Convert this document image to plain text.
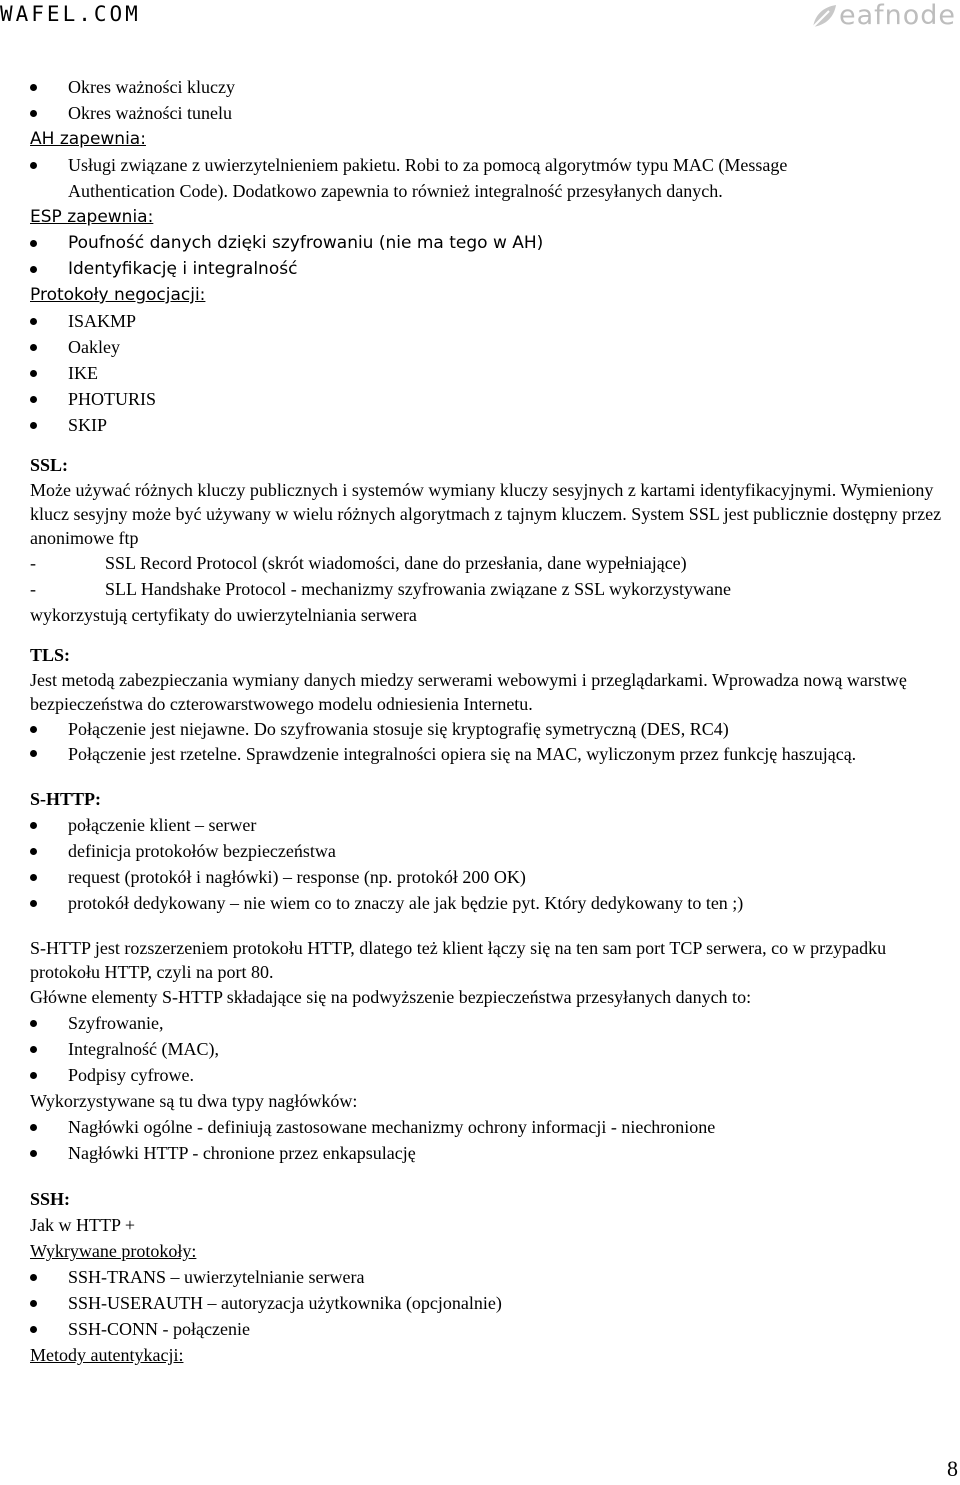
WAFEL.COM	eafnode
Okres ważności kluczy
Okres ważności tunelu
AH zapewnia:
Usługi związane z uwierzytelnieniem pakietu. Robi to za pomocą algorytmów typu MAC (Message
Authentication Code). Dodatkowo zapewnia to również integralność przesyłanych danych.
ESP zapewnia:
Poufność danych dzięki szyfrowaniu (nie ma tego w AH)
Identyfikację i integralność
Protokoły negocjacji:
ISAKMP
Oakley
IKE
PHOTURIS
SKIP
SSL:
Może używać różnych kluczy publicznych i systemów wymiany kluczy sesyjnych z kartami identyfikacyjnymi. Wymieniony klucz sesyjny może być używany w wielu różnych algorytmach z tajnym kluczem. System SSL jest publicznie dostępny przez anonimowe ftp
-	SSL Record Protocol (skrót wiadomości, dane do przesłania, dane wypełniające)
-	SLL Handshake Protocol - mechanizmy szyfrowania związane z SSL wykorzystywane
wykorzystują certyfikaty do uwierzytelniania serwera
TLS:
Jest metodą zabezpieczania wymiany danych miedzy serwerami webowymi i przeglądarkami. Wprowadza nową warstwę bezpieczeństwa do czterowarstwowego modelu odniesienia Internetu.
Połączenie jest niejawne. Do szyfrowania stosuje się kryptografię symetryczną (DES, RC4)
Połączenie jest rzetelne. Sprawdzenie integralności opiera się na MAC, wyliczonym przez funkcję haszującą.
S-HTTP:
połączenie klient – serwer
definicja protokołów bezpieczeństwa
request (protokół i nagłówki) – response (np. protokół 200 OK)
protokół dedykowany – nie wiem co to znaczy ale jak będzie pyt. Który dedykowany to ten ;)
S-HTTP jest rozszerzeniem protokołu HTTP, dlatego też klient łączy się na ten sam port TCP serwera, co w przypadku protokołu HTTP, czyli na port 80.
Główne elementy S-HTTP składające się na podwyższenie bezpieczeństwa przesyłanych danych to:
Szyfrowanie,
Integralność (MAC),
Podpisy cyfrowe.
Wykorzystywane są tu dwa typy nagłówków:
Nagłówki ogólne - definiują zastosowane mechanizmy ochrony informacji - niechronione
Nagłówki HTTP - chronione przez enkapsulację
SSH:
Jak w HTTP +
Wykrywane protokoły:
SSH-TRANS – uwierzytelnianie serwera
SSH-USERAUTH – autoryzacja użytkownika (opcjonalnie)
SSH-CONN - połączenie
Metody autentykacji:
8
